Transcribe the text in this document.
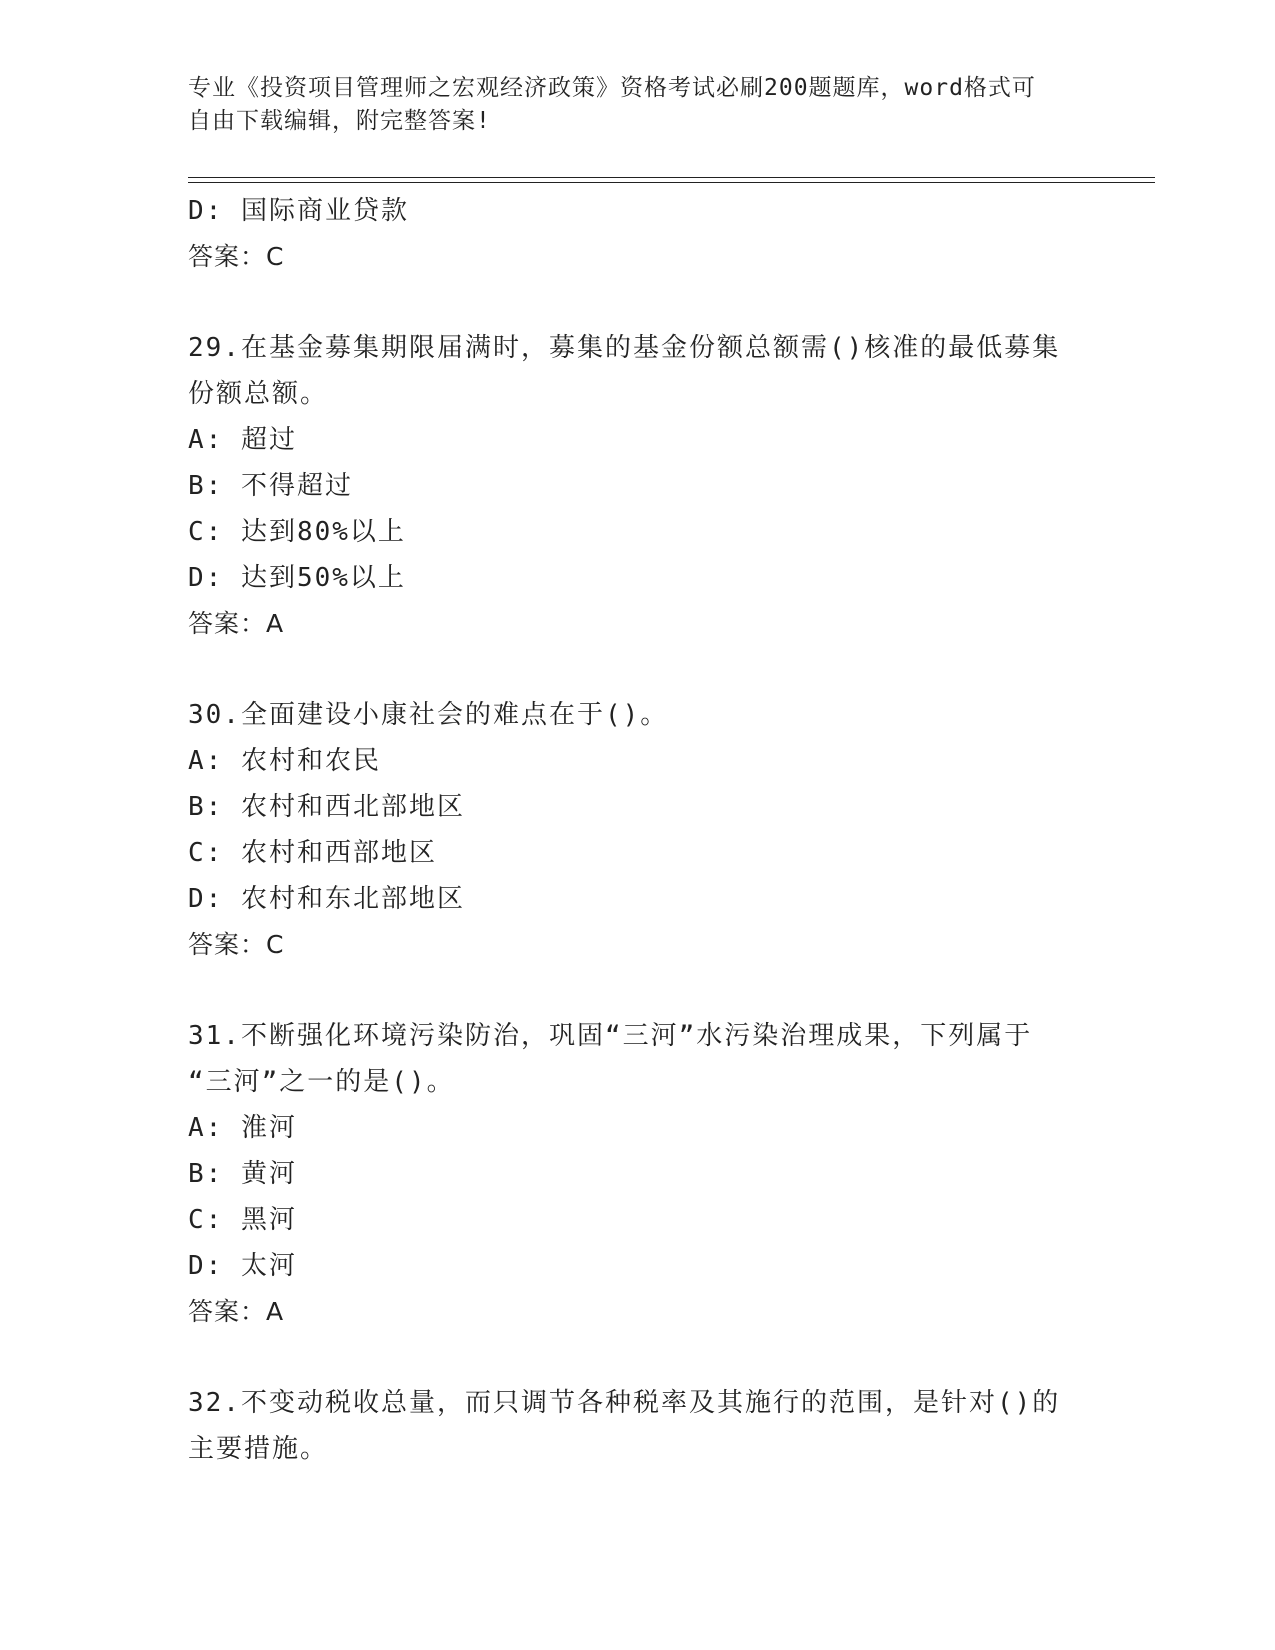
专业《投资项目管理师之宏观经济政策》资格考试必刷200题题库，word格式可
自由下载编辑，附完整答案!
D: 国际商业贷款
答案：C
29.在基金募集期限届满时，募集的基金份额总额需()核准的最低募集
份额总额。
A: 超过
B: 不得超过
C: 达到80%以上
D: 达到50%以上
答案：A
30.全面建设小康社会的难点在于()。
A: 农村和农民
B: 农村和西北部地区
C: 农村和西部地区
D: 农村和东北部地区
答案：C
31.不断强化环境污染防治，巩固“三河”水污染治理成果，下列属于
“三河”之一的是()。
A: 淮河
B: 黄河
C: 黑河
D: 太河
答案：A
32.不变动税收总量，而只调节各种税率及其施行的范围，是针对()的
主要措施。
